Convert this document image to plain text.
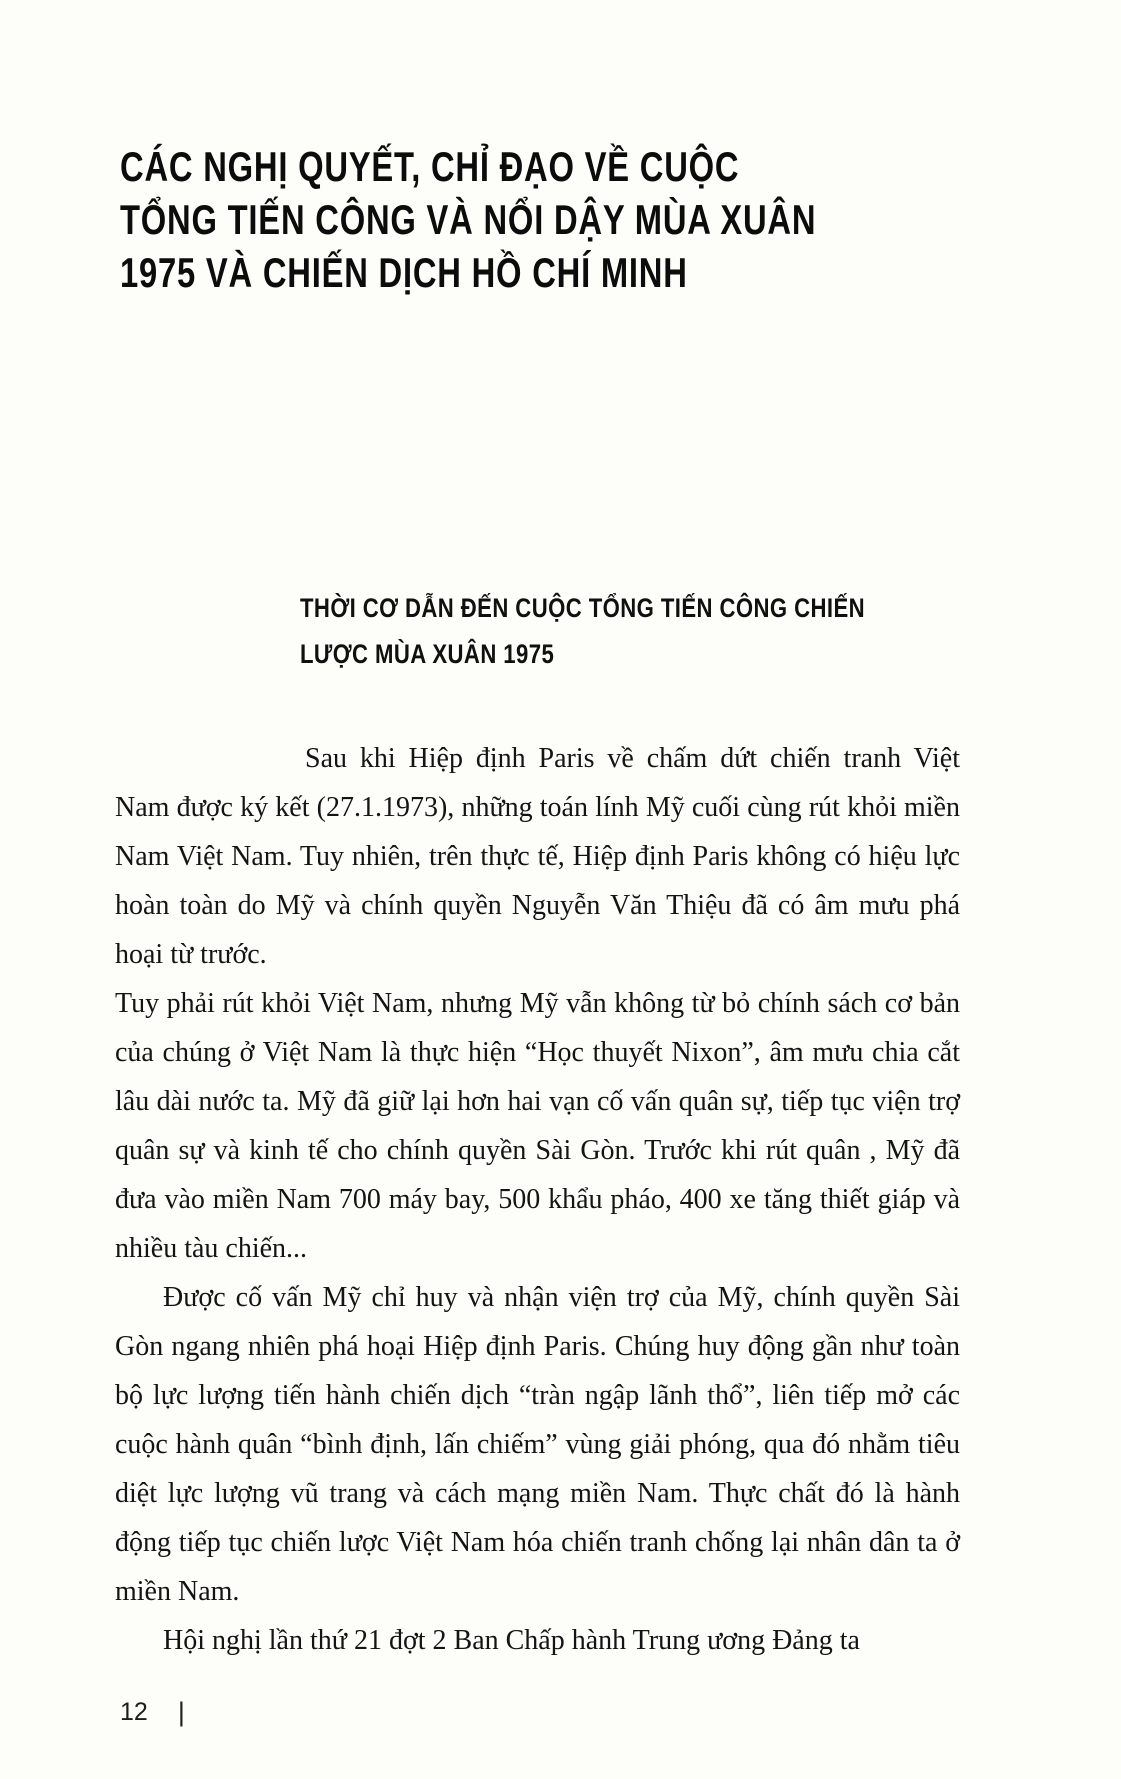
CÁC NGHỊ QUYẾT, CHỈ ĐẠO VỀ CUỘC
TỔNG TIẾN CÔNG VÀ NỔI DẬY MÙA XUÂN
1975 VÀ CHIẾN DỊCH HỒ CHÍ MINH
THỜI CƠ DẪN ĐẾN CUỘC TỔNG TIẾN CÔNG CHIẾN
LƯỢC MÙA XUÂN 1975

Sau khi Hiệp định Paris về chấm dứt chiến tranh Việt Nam được ký kết (27.1.1973), những toán lính Mỹ cuối cùng rút khỏi miền Nam Việt Nam. Tuy nhiên, trên thực tế, Hiệp định Paris không có hiệu lực hoàn toàn do Mỹ và chính quyền Nguyễn Văn Thiệu đã có âm mưu phá hoại từ trước.

Tuy phải rút khỏi Việt Nam, nhưng Mỹ vẫn không từ bỏ chính sách cơ bản của chúng ở Việt Nam là thực hiện “Học thuyết Nixon”, âm mưu chia cắt lâu dài nước ta. Mỹ đã giữ lại hơn hai vạn cố vấn quân sự, tiếp tục viện trợ quân sự và kinh tế cho chính quyền Sài Gòn. Trước khi rút quân , Mỹ đã đưa vào miền Nam 700 máy bay, 500 khẩu pháo, 400 xe tăng thiết giáp và nhiều tàu chiến...

Được cố vấn Mỹ chỉ huy và nhận viện trợ của Mỹ, chính quyền Sài Gòn ngang nhiên phá hoại Hiệp định Paris. Chúng huy động gần như toàn bộ lực lượng tiến hành chiến dịch “tràn ngập lãnh thổ”, liên tiếp mở các cuộc hành quân “bình định, lấn chiếm” vùng giải phóng, qua đó nhằm tiêu diệt lực lượng vũ trang và cách mạng miền Nam. Thực chất đó là hành động tiếp tục chiến lược Việt Nam hóa chiến tranh chống lại nhân dân ta ở miền Nam.

Hội nghị lần thứ 21 đợt 2 Ban Chấp hành Trung ương Đảng ta

12 |
